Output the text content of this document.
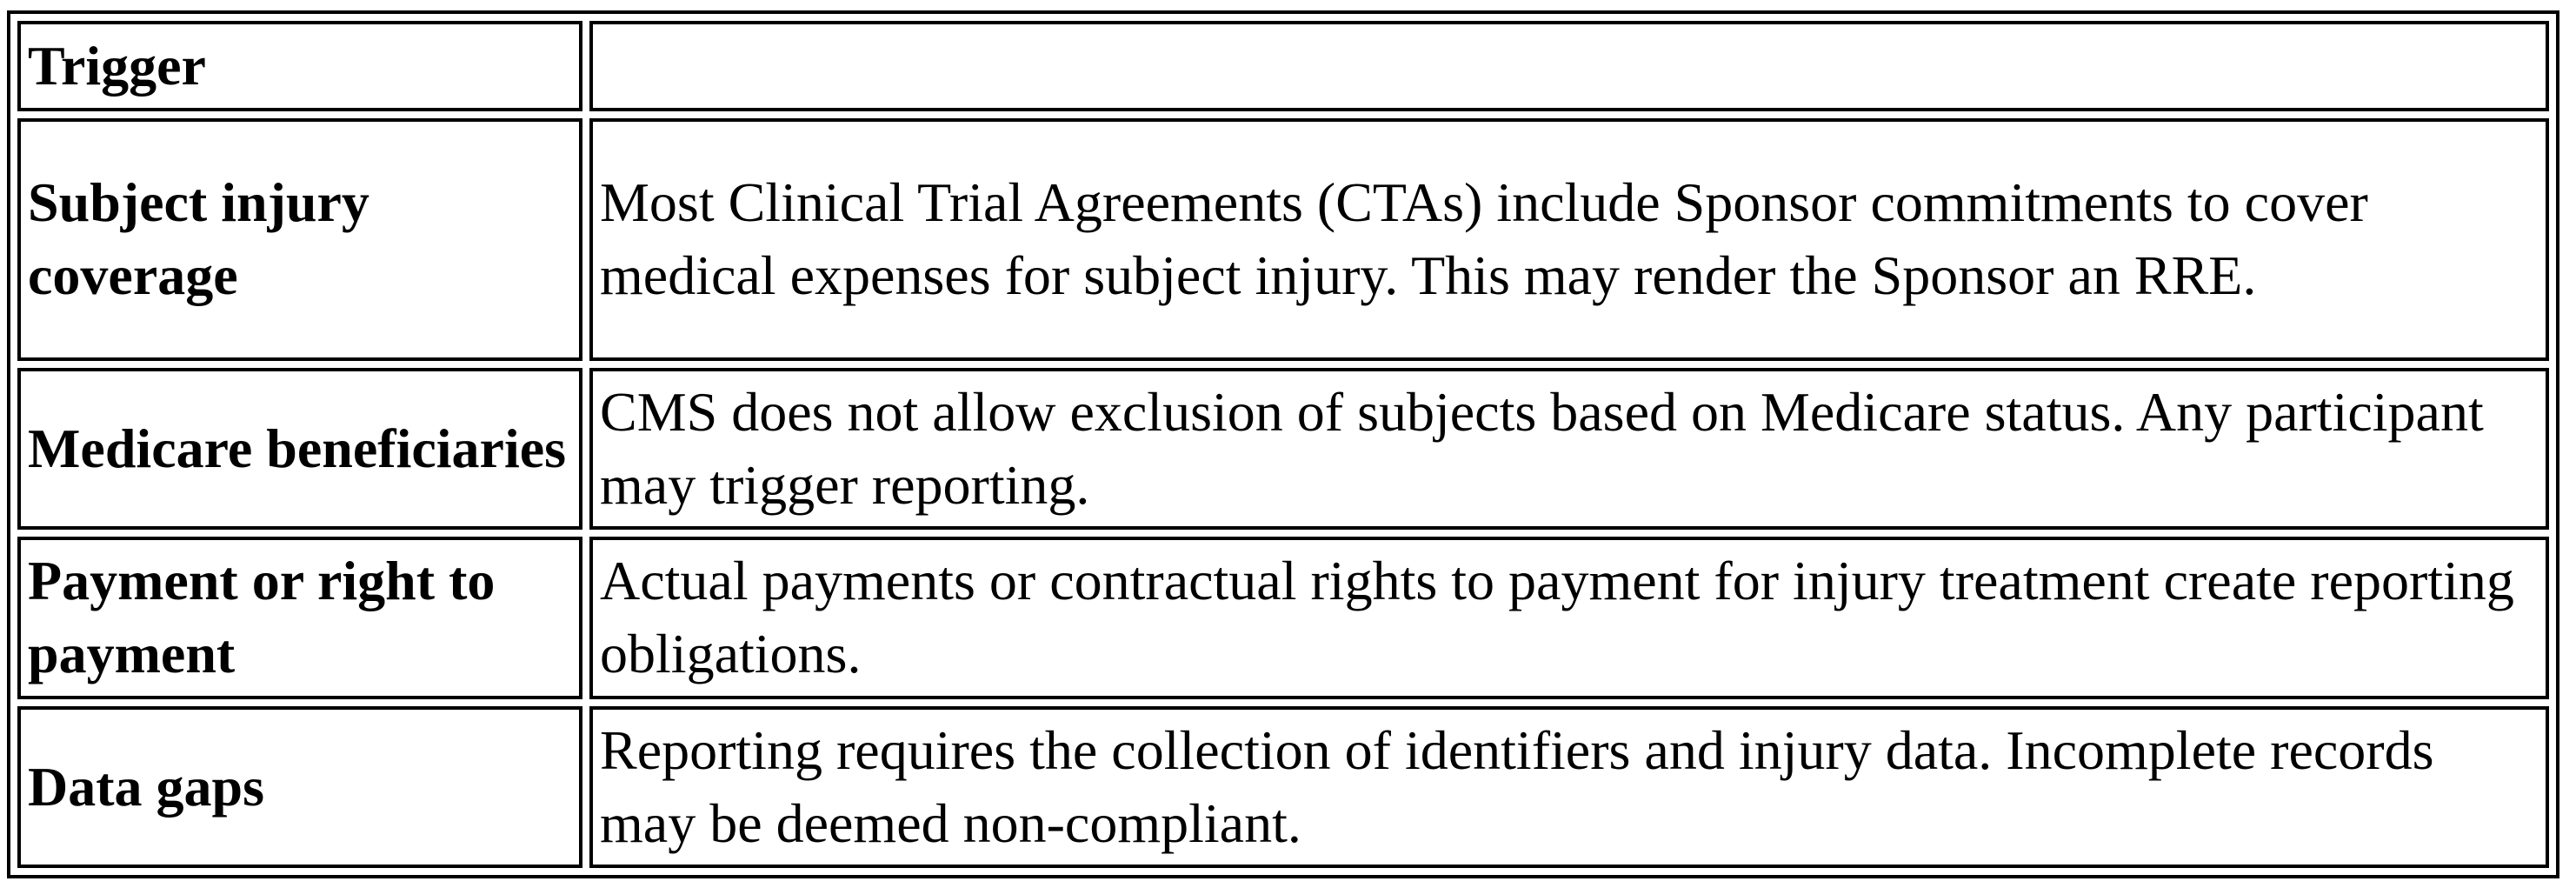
Trigger	
Subject injury coverage	Most Clinical Trial Agreements (CTAs) include Sponsor commitments to cover medical expenses for subject injury. This may render the Sponsor an RRE.
Medicare beneficiaries	CMS does not allow exclusion of subjects based on Medicare status. Any participant may trigger reporting.
Payment or right to payment	Actual payments or contractual rights to payment for injury treatment create reporting obligations.
Data gaps	Reporting requires the collection of identifiers and injury data. Incomplete records may be deemed non-compliant.
